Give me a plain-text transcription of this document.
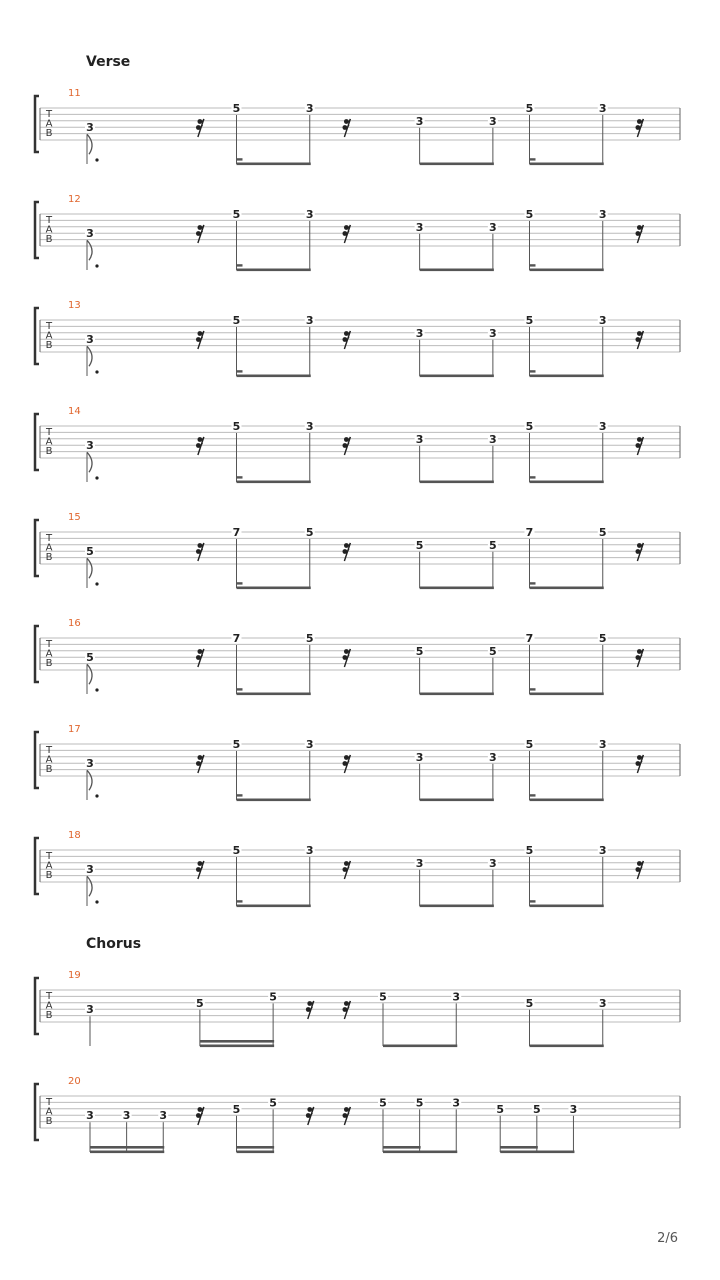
Verse
Chorus
T
A
B
11
3
5	3
3	3
5	3
T
A
B
12
3
5	3
3	3
5	3
T
A
B
13
3
5	3
3	3
5	3
T
A
B
14
3
5	3
3	3
5	3
T
A
B
15
5
7	5
5	5
7	5
T
A
B
16
5
7	5
5	5
7	5
T
A
B
17
3
5	3
3	3
5	3
T
A
B
18
3
5	3
3	3
5	3
T
A
B
19
3	5	5	5	3	5	3
T
A
B
20
3	3	3	5	5	5	5	3	5	5	3
2/6
